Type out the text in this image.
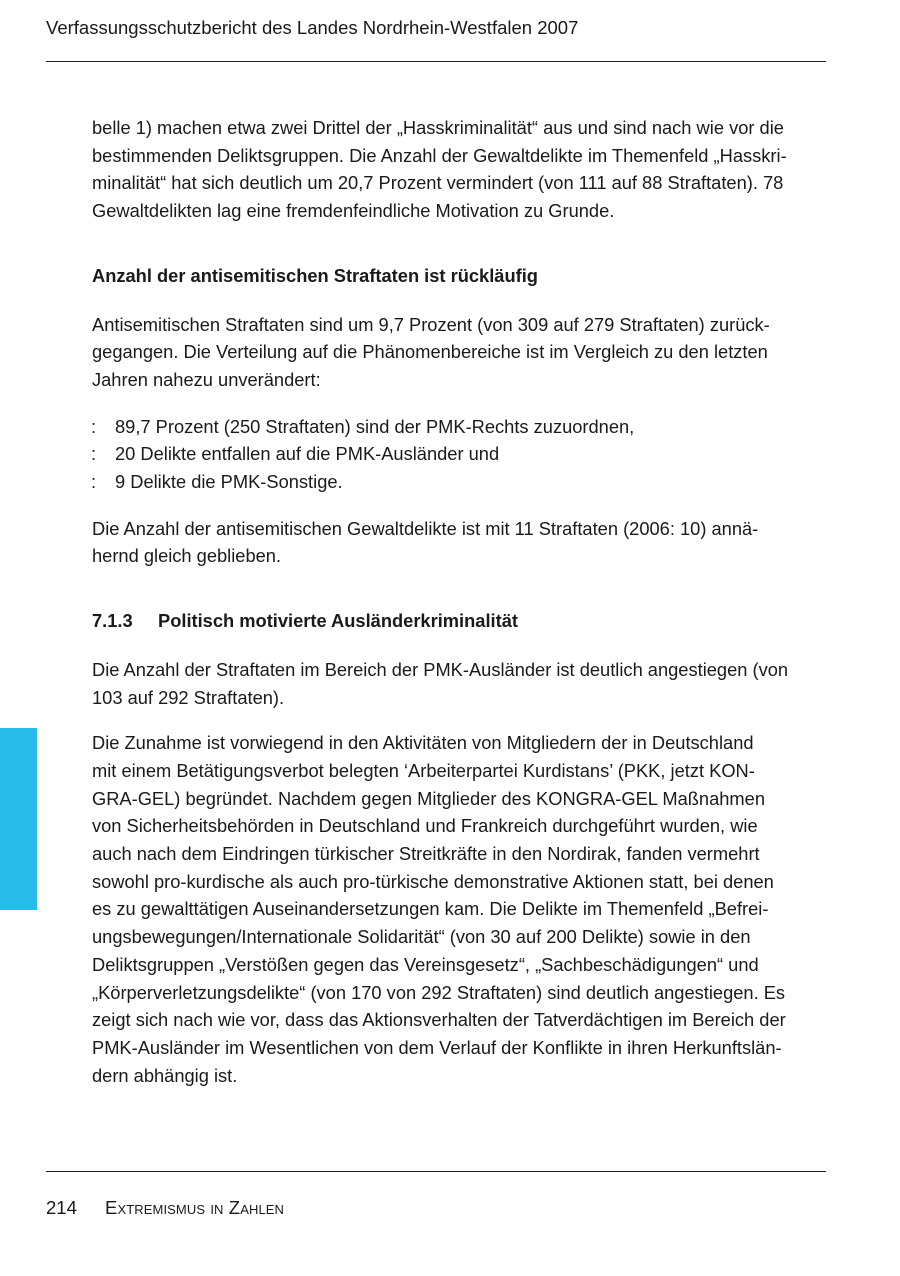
Verfassungsschutzbericht des Landes Nordrhein-Westfalen 2007

belle 1) machen etwa zwei Drittel der „Hasskriminalität“ aus und sind nach wie vor die
bestimmenden Deliktsgruppen. Die Anzahl der Gewaltdelikte im Themenfeld „Hasskri-
minalität“ hat sich deutlich um 20,7 Prozent vermindert (von 111 auf 88 Straftaten). 78
Gewaltdelikten lag eine fremdenfeindliche Motivation zu Grunde.

Anzahl der antisemitischen Straftaten ist rückläufig

Antisemitischen Straftaten sind um 9,7 Prozent (von 309 auf 279 Straftaten) zurück-
gegangen. Die Verteilung auf die Phänomenbereiche ist im Vergleich zu den letzten
Jahren nahezu unverändert:

:	89,7 Prozent (250 Straftaten) sind der PMK-Rechts zuzuordnen,
:	20 Delikte entfallen auf die PMK-Ausländer und
:	9 Delikte die PMK-Sonstige.

Die Anzahl der antisemitischen Gewaltdelikte ist mit 11 Straftaten (2006: 10) annä-
hernd gleich geblieben.

7.1.3 Politisch motivierte Ausländerkriminalität

Die Anzahl der Straftaten im Bereich der PMK-Ausländer ist deutlich angestiegen (von
103 auf 292 Straftaten).

Die Zunahme ist vorwiegend in den Aktivitäten von Mitgliedern der in Deutschland
mit einem Betätigungsverbot belegten ‘Arbeiterpartei Kurdistans’ (PKK, jetzt KON-
GRA-GEL) begründet. Nachdem gegen Mitglieder des KONGRA-GEL Maßnahmen
von Sicherheitsbehörden in Deutschland und Frankreich durchgeführt wurden, wie
auch nach dem Eindringen türkischer Streitkräfte in den Nordirak, fanden vermehrt
sowohl pro-kurdische als auch pro-türkische demonstrative Aktionen statt, bei denen
es zu gewalttätigen Auseinandersetzungen kam. Die Delikte im Themenfeld „Befrei-
ungsbewegungen/Internationale Solidarität“ (von 30 auf 200 Delikte) sowie in den
Deliktsgruppen „Verstößen gegen das Vereinsgesetz“, „Sachbeschädigungen“ und
„Körperverletzungsdelikte“ (von 170 von 292 Straftaten) sind deutlich angestiegen. Es
zeigt sich nach wie vor, dass das Aktionsverhalten der Tatverdächtigen im Bereich der
PMK-Ausländer im Wesentlichen von dem Verlauf der Konflikte in ihren Herkunftslän-
dern abhängig ist.

214 Extremismus in Zahlen
